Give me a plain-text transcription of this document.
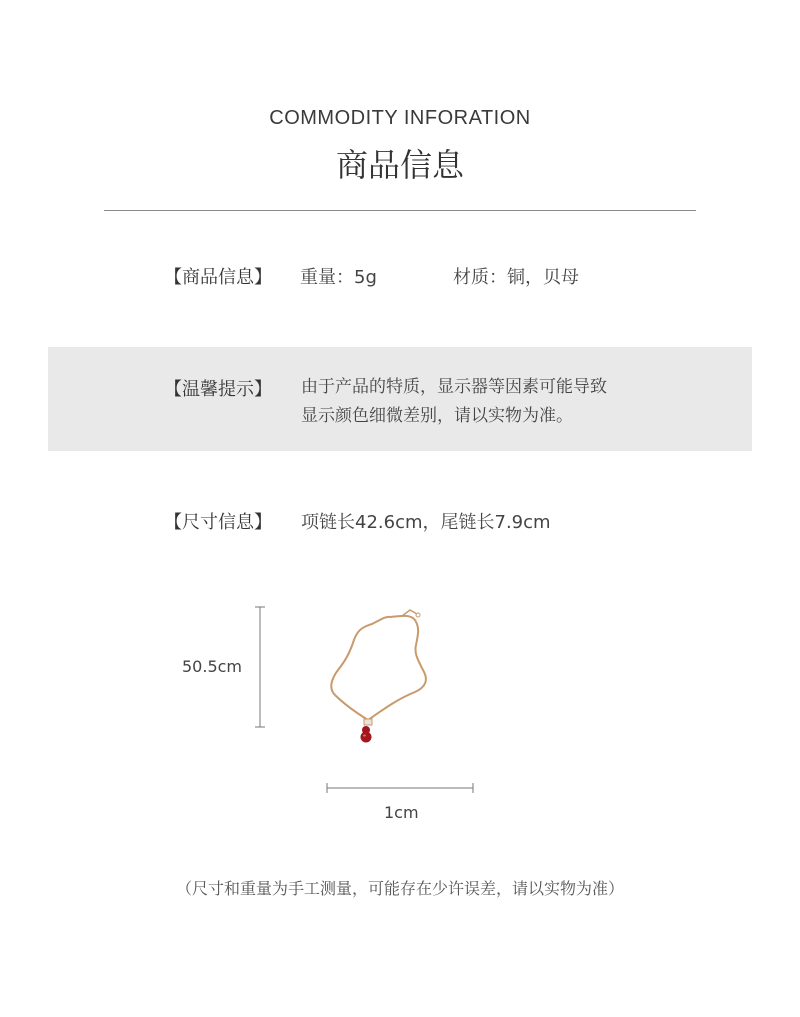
COMMODITY INFORATION
商品信息
【商品信息】 重量：5g	材质：铜，贝母
【温馨提示】 由于产品的特质，显示器等因素可能导致
显示颜色细微差别，请以实物为准。
【尺寸信息】 项链长42.6cm，尾链长7.9cm
50.5cm
1cm
（尺寸和重量为手工测量，可能存在少许误差，请以实物为准）
